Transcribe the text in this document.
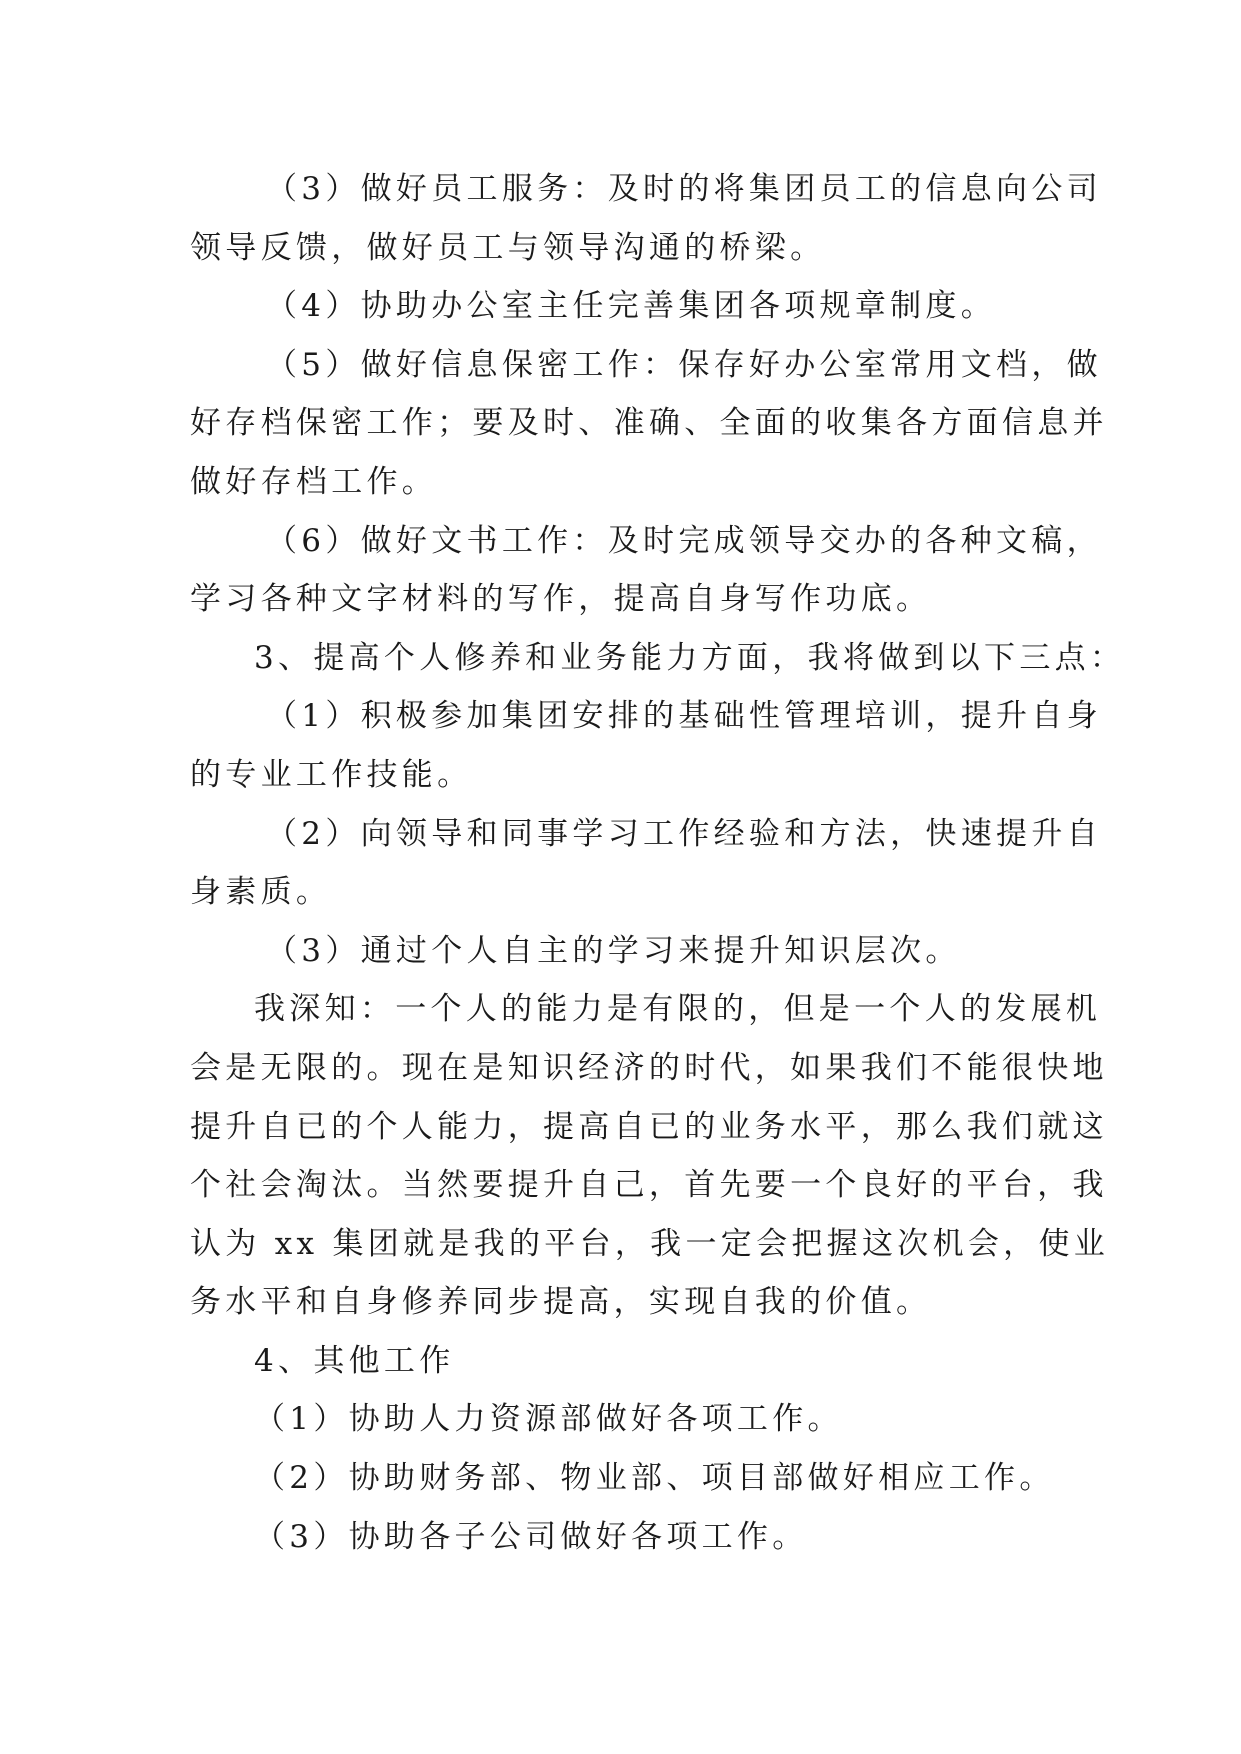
（3）做好员工服务：及时的将集团员工的信息向公司
领导反馈，做好员工与领导沟通的桥梁。
（4）协助办公室主任完善集团各项规章制度。
（5）做好信息保密工作：保存好办公室常用文档，做
好存档保密工作；要及时、准确、全面的收集各方面信息并
做好存档工作。
（6）做好文书工作：及时完成领导交办的各种文稿，
学习各种文字材料的写作，提高自身写作功底。
3、提高个人修养和业务能力方面，我将做到以下三点：
（1）积极参加集团安排的基础性管理培训，提升自身
的专业工作技能。
（2）向领导和同事学习工作经验和方法，快速提升自
身素质。
（3）通过个人自主的学习来提升知识层次。
我深知：一个人的能力是有限的，但是一个人的发展机
会是无限的。现在是知识经济的时代，如果我们不能很快地
提升自已的个人能力，提高自已的业务水平，那么我们就这
个社会淘汰。当然要提升自己，首先要一个良好的平台，我
认为 xx 集团就是我的平台，我一定会把握这次机会，使业
务水平和自身修养同步提高，实现自我的价值。
4、其他工作
（1）协助人力资源部做好各项工作。
（2）协助财务部、物业部、项目部做好相应工作。
（3）协助各子公司做好各项工作。
